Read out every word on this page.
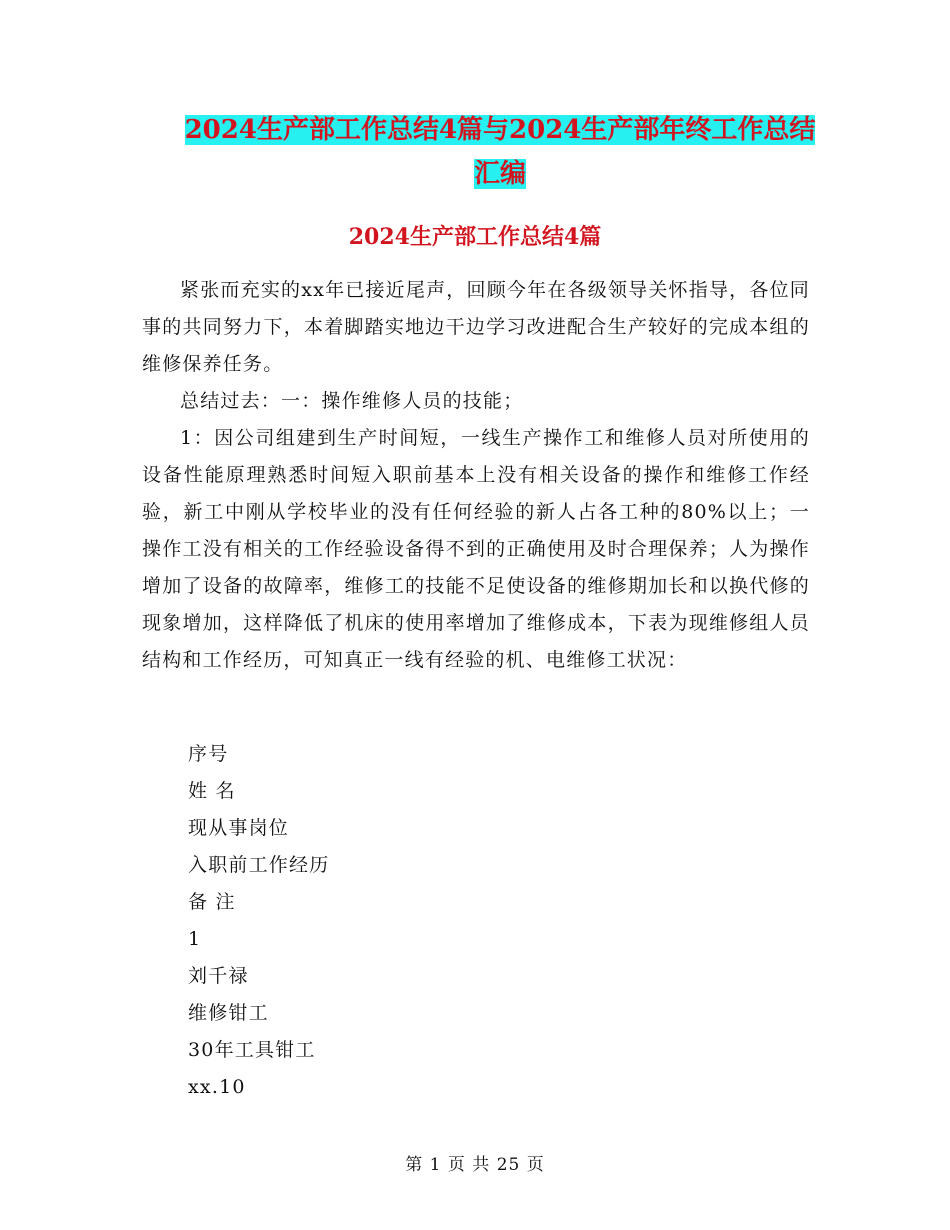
2024生产部工作总结4篇与2024生产部年终工作总结
汇编
2024生产部工作总结4篇

紧张而充实的xx年已接近尾声，回顾今年在各级领导关怀指导，各位同事的共同努力下，本着脚踏实地边干边学习改进配合生产较好的完成本组的维修保养任务。

总结过去：一：操作维修人员的技能；

1：因公司组建到生产时间短，一线生产操作工和维修人员对所使用的设备性能原理熟悉时间短入职前基本上没有相关设备的操作和维修工作经验，新工中刚从学校毕业的没有任何经验的新人占各工种的80%以上；一操作工没有相关的工作经验设备得不到的正确使用及时合理保养；人为操作增加了设备的故障率，维修工的技能不足使设备的维修期加长和以换代修的现象增加，这样降低了机床的使用率增加了维修成本，下表为现维修组人员结构和工作经历，可知真正一线有经验的机、电维修工状况：

序号
姓 名
现从事岗位
入职前工作经历
备 注
1
刘千禄
维修钳工
30年工具钳工
xx.10
第 1 页 共 25 页
